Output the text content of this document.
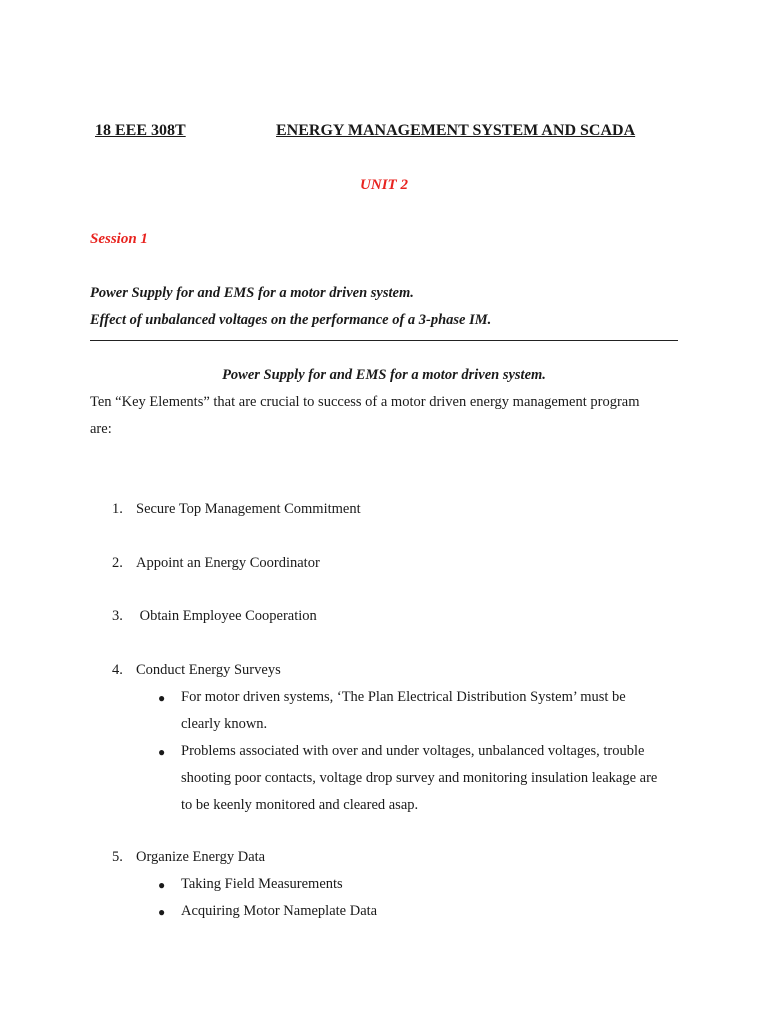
18 EEE 308T	ENERGY MANAGEMENT SYSTEM AND SCADA
UNIT 2
Session 1
Power Supply for and EMS for a motor driven system.
Effect of unbalanced voltages on the performance of a 3-phase IM.
Power Supply for and EMS for a motor driven system.
Ten “Key Elements” that are crucial to success of a motor driven energy management program
are:
1. Secure Top Management Commitment
2. Appoint an Energy Coordinator
3. Obtain Employee Cooperation
4. Conduct Energy Surveys
● For motor driven systems, ‘The Plan Electrical Distribution System’ must be
clearly known.
● Problems associated with over and under voltages, unbalanced voltages, trouble
shooting poor contacts, voltage drop survey and monitoring insulation leakage are
to be keenly monitored and cleared asap.
5. Organize Energy Data
● Taking Field Measurements
● Acquiring Motor Nameplate Data
